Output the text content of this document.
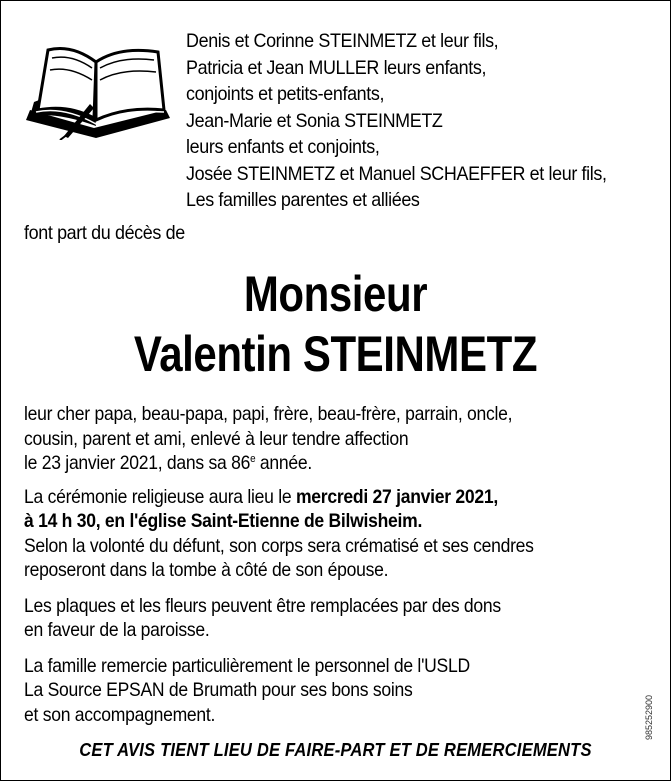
Denis et Corinne STEINMETZ et leur fils,
Patricia et Jean MULLER leurs enfants,
conjoints et petits-enfants,
Jean-Marie et Sonia STEINMETZ
leurs enfants et conjoints,
Josée STEINMETZ et Manuel SCHAEFFER et leur fils,
Les familles parentes et alliées
font part du décès de
Monsieur
Valentin STEINMETZ
leur cher papa, beau-papa, papi, frère, beau-frère, parrain, oncle,
cousin, parent et ami, enlevé à leur tendre affection
le 23 janvier 2021, dans sa 86e année.
La cérémonie religieuse aura lieu le mercredi 27 janvier 2021,
à 14 h 30, en l'église Saint-Etienne de Bilwisheim.
Selon la volonté du défunt, son corps sera crématisé et ses cendres
reposeront dans la tombe à côté de son épouse.
Les plaques et les fleurs peuvent être remplacées par des dons
en faveur de la paroisse.
La famille remercie particulièrement le personnel de l'USLD
La Source EPSAN de Brumath pour ses bons soins
et son accompagnement.
CET AVIS TIENT LIEU DE FAIRE-PART ET DE REMERCIEMENTS
985252900
